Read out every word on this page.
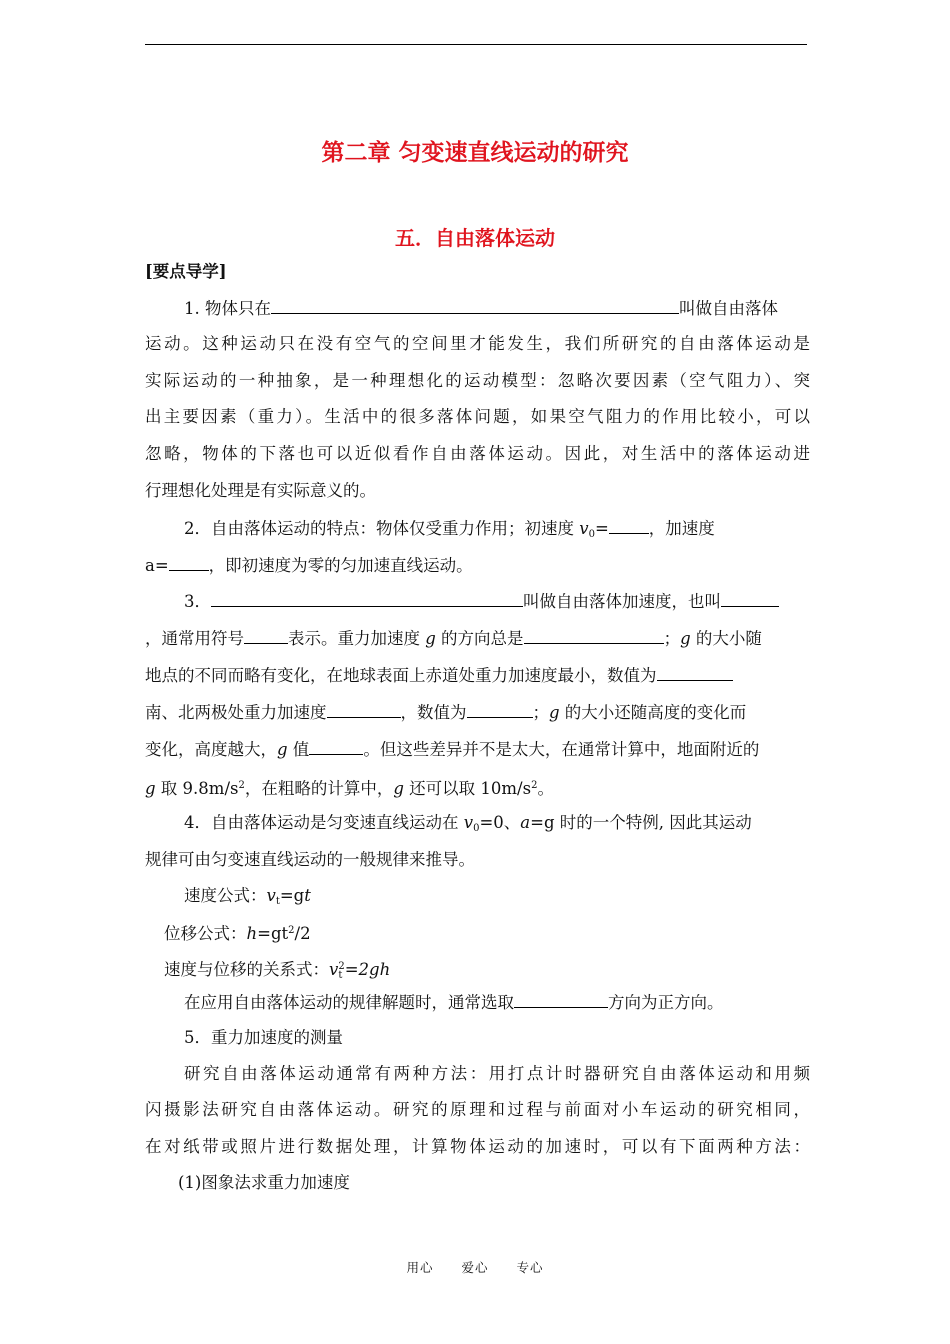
第二章 匀变速直线运动的研究
五．自由落体运动
[要点导学]
1. 物体只在	叫做自由落体
运动。这种运动只在没有空气的空间里才能发生，我们所研究的自由落体运动是
实际运动的一种抽象，是一种理想化的运动模型：忽略次要因素（空气阻力）、突
出主要因素（重力）。生活中的很多落体问题，如果空气阻力的作用比较小，可以
忽略，物体的下落也可以近似看作自由落体运动。因此，对生活中的落体运动进
行理想化处理是有实际意义的。
2．自由落体运动的特点：物体仅受重力作用；初速度 $v_0=$ ，加速度
a= ，即初速度为零的匀加速直线运动。
3．	叫做自由落体加速度，也叫
，通常用符号	表示。重力加速度 g 的方向总是	；g 的大小随
地点的不同而略有变化，在地球表面上赤道处重力加速度最小，数值为
南、北两极处重力加速度	，数值为	；g 的大小还随高度的变化而
变化，高度越大，g 值	。但这些差异并不是太大，在通常计算中，地面附近的
g 取 $9.8m/s^2$，在粗略的计算中，g 还可以取 $10m/s^2$。
4．自由落体运动是匀变速直线运动在 $v_0=0$、a=g 时的一个特例, 因此其运动
规律可由匀变速直线运动的一般规律来推导。
速度公式：$v_t=gt$
位移公式：$h=gt^2/2$
速度与位移的关系式：$v_t^2=2gh$
在应用自由落体运动的规律解题时，通常选取	方向为正方向。
5．重力加速度的测量
研究自由落体运动通常有两种方法：用打点计时器研究自由落体运动和用频
闪摄影法研究自由落体运动。研究的原理和过程与前面对小车运动的研究相同，
在对纸带或照片进行数据处理，计算物体运动的加速时，可以有下面两种方法：
(1)图象法求重力加速度
用心 爱心 专心
